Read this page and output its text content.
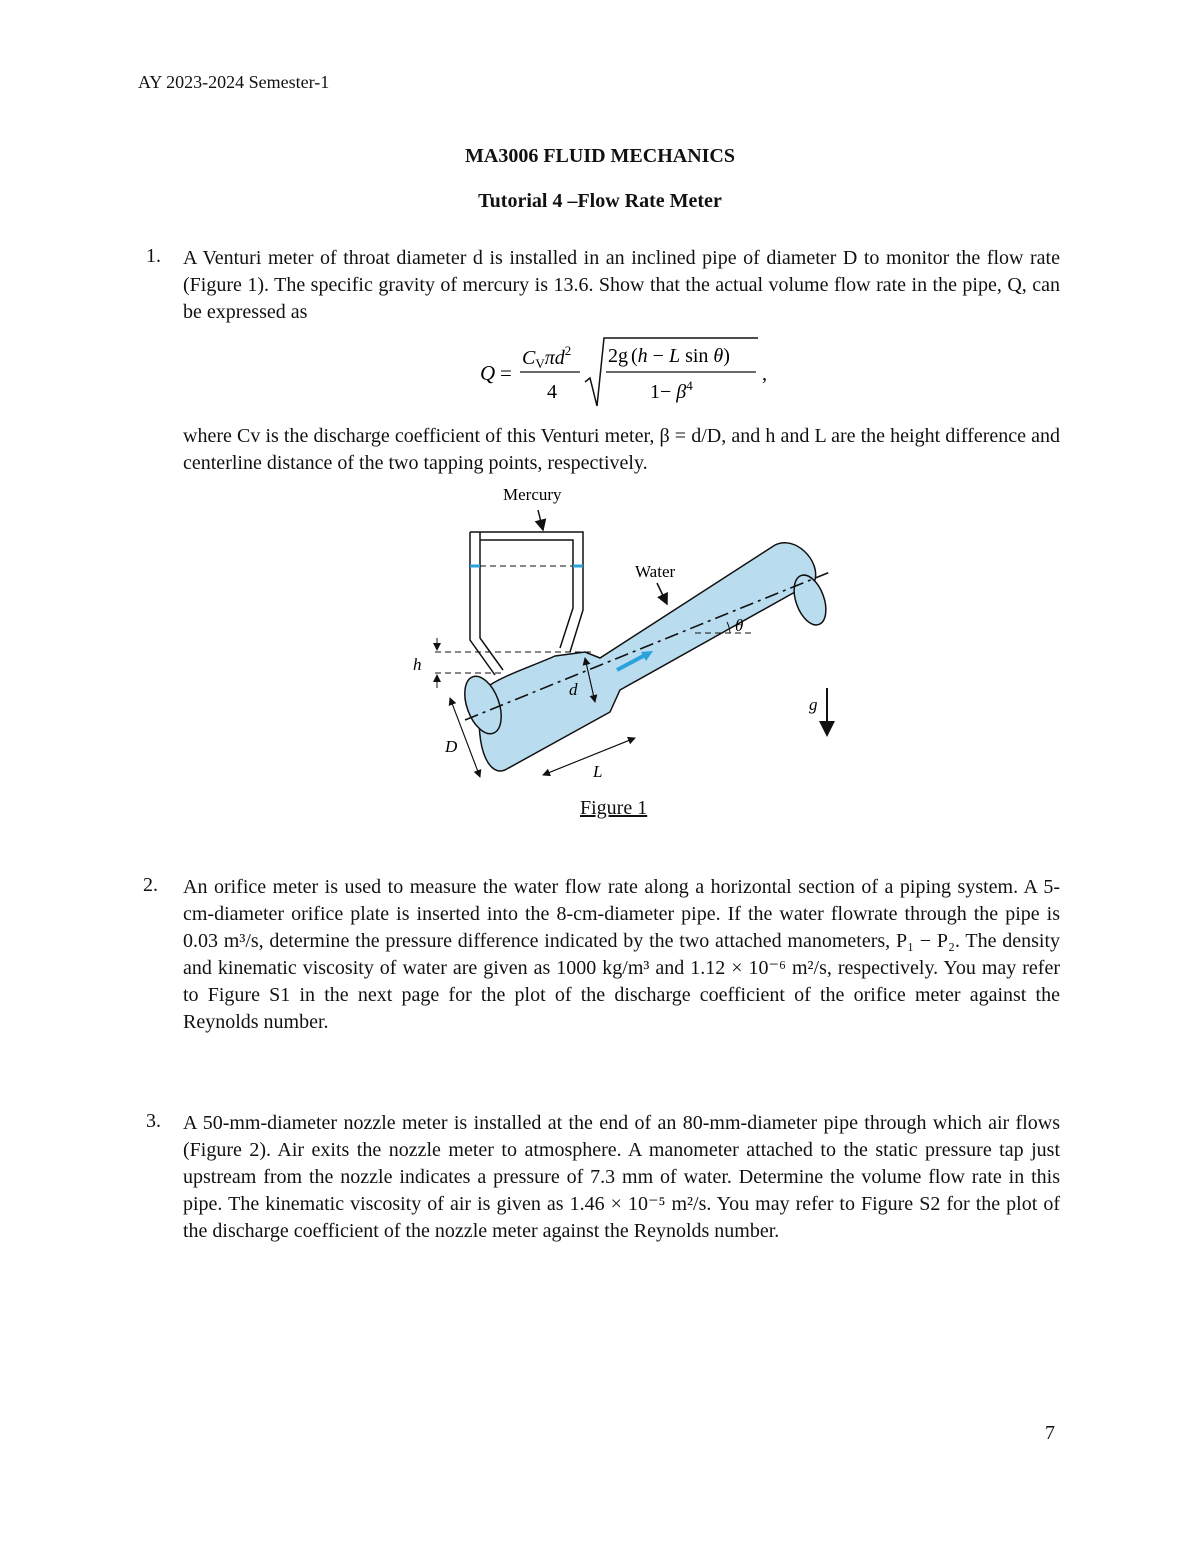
AY 2023-2024 Semester-1
MA3006 FLUID MECHANICS
Tutorial 4 –Flow Rate Meter
1. A Venturi meter of throat diameter d is installed in an inclined pipe of diameter D to monitor the flow rate (Figure 1). The specific gravity of mercury is 13.6. Show that the actual volume flow rate in the pipe, Q, can be expressed as
Q =
$C_V\pi d^2$
4
2g (h − L sin θ)
$1- \beta^4$
,
where Cv is the discharge coefficient of this Venturi meter, β = d/D, and h and L are the height difference and centerline distance of the two tapping points, respectively.
Mercury
Water
h
d
D
L
θ
g
Figure 1
2. An orifice meter is used to measure the water flow rate along a horizontal section of a piping system. A 5-cm-diameter orifice plate is inserted into the 8-cm-diameter pipe. If the water flowrate through the pipe is 0.03 m³/s, determine the pressure difference indicated by the two attached manometers, P₁ − P₂. The density and kinematic viscosity of water are given as 1000 kg/m³ and 1.12 × 10⁻⁶ m²/s, respectively. You may refer to Figure S1 in the next page for the plot of the discharge coefficient of the orifice meter against the Reynolds number.
3. A 50-mm-diameter nozzle meter is installed at the end of an 80-mm-diameter pipe through which air flows (Figure 2). Air exits the nozzle meter to atmosphere. A manometer attached to the static pressure tap just upstream from the nozzle indicates a pressure of 7.3 mm of water. Determine the volume flow rate in this pipe. The kinematic viscosity of air is given as 1.46 × 10⁻⁵ m²/s. You may refer to Figure S2 for the plot of the discharge coefficient of the nozzle meter against the Reynolds number.
7
